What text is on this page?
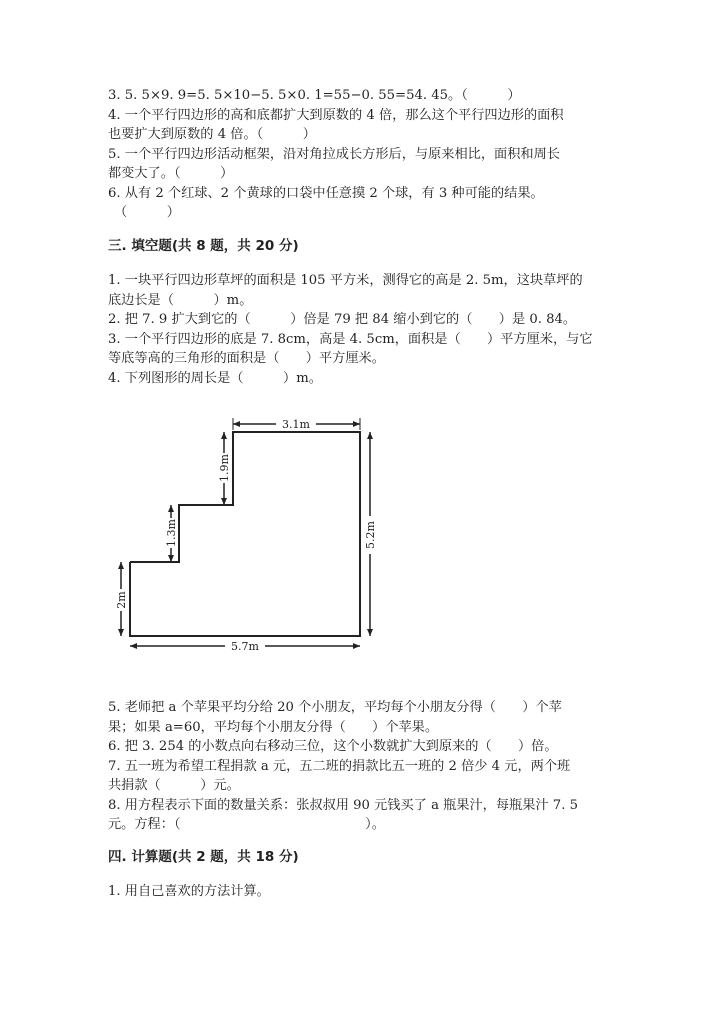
3. 5. 5×9. 9=5. 5×10−5. 5×0. 1=55−0. 55=54. 45。（　　　）

4. 一个平行四边形的高和底都扩大到原数的 4 倍，那么这个平行四边形的面积

也要扩大到原数的 4 倍。（　　　）

5. 一个平行四边形活动框架，沿对角拉成长方形后，与原来相比，面积和周长

都变大了。（　　　）

6. 从有 2 个红球、2 个黄球的口袋中任意摸 2 个球，有 3 种可能的结果。

（　　　）

三. 填空题(共 8 题，共 20 分)

1. 一块平行四边形草坪的面积是 105 平方米，测得它的高是 2. 5m，这块草坪的

底边长是（　　　）m。

2. 把 7. 9 扩大到它的（　　　）倍是 79 把 84 缩小到它的（　　）是 0. 84。

3. 一个平行四边形的底是 7. 8cm，高是 4. 5cm，面积是（　　）平方厘米，与它

等底等高的三角形的面积是（　　）平方厘米。

4. 下列图形的周长是（　　　）m。

3.1m
5.2m
5.7m
2m
1.3m
1.9m

5. 老师把 a 个苹果平均分给 20 个小朋友，平均每个小朋友分得（　　）个苹

果；如果 a=60，平均每个小朋友分得（　　）个苹果。

6. 把 3. 254 的小数点向右移动三位，这个小数就扩大到原来的（　　）倍。

7. 五一班为希望工程捐款 a 元，五二班的捐款比五一班的 2 倍少 4 元，两个班

共捐款（　　　）元。

8. 用方程表示下面的数量关系：张叔叔用 90 元钱买了 a 瓶果汁，每瓶果汁 7. 5

元。方程：（　　　　　　　　　　　　　　）。

四. 计算题(共 2 题，共 18 分)

1. 用自己喜欢的方法计算。
